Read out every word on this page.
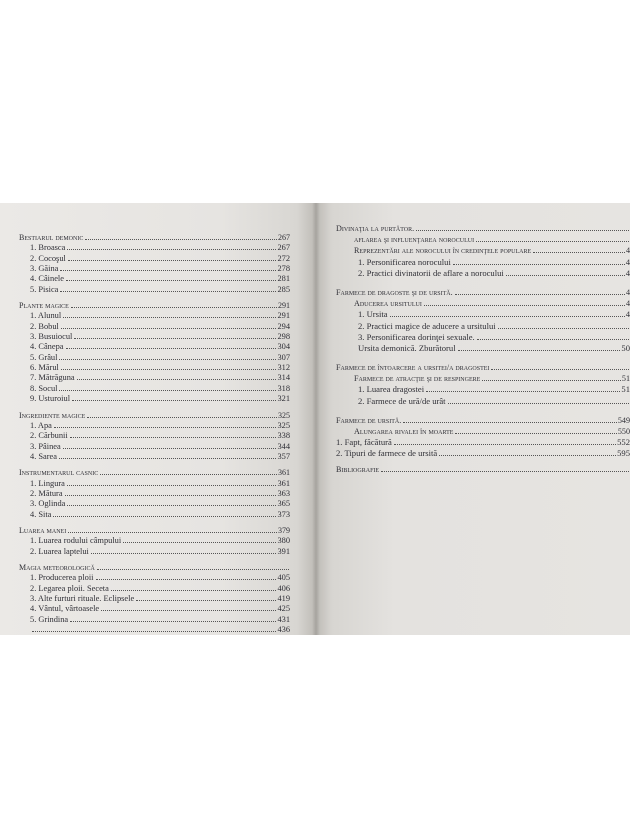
Bestiarul demonic	267
1. Broasca	267
2. Cocoşul	272
3. Găina	278
4. Câinele	281
5. Pisica	285
Plante magice	291
1. Alunul	291
2. Bobul	294
3. Busuiocul	298
4. Cânepa	304
5. Grâul	307
6. Mărul	312
7. Mătrăguna	314
8. Socul	318
9. Usturoiul	321
Ingrediente magice	325
1. Apa	325
2. Cărbunii	338
3. Pâinea	344
4. Sarea	357
Instrumentarul casnic	361
1. Lingura	361
2. Mătura	363
3. Oglinda	365
4. Sita	373
Luarea manei	379
1. Luarea rodului câmpului	380
2. Luarea laptelui	391
Magia meteorologică
1. Producerea ploii	405
2. Legarea ploii. Seceta	406
3. Alte furturi rituale. Eclipsele	419
4. Vântul, vârtoasele	425
5. Grindina	431
436
Divinaţia la purtător.
aflarea şi influenţarea norocului
Reprezentări ale norocului în credinţele populare	4
1. Personificarea norocului	4
2. Practici divinatorii de aflare a norocului	4
Farmece de dragoste şi de ursită.	4
Aducerea ursitului	4
1. Ursita	4
2. Practici magice de aducere a ursitului
3. Personificarea dorinţei sexuale.
Ursita demonică. Zburătorul	50
Farmece de întoarcere a ursitei/a dragostei
Farmece de atracţie şi de respingere	51
1. Luarea dragostei	51
2. Farmece de ură/de urât
Farmece de ursită.	549
Alungarea rivalei în moarte	550
1. Fapt, făcătură	552
2. Tipuri de farmece de ursită	595
Bibliografie
